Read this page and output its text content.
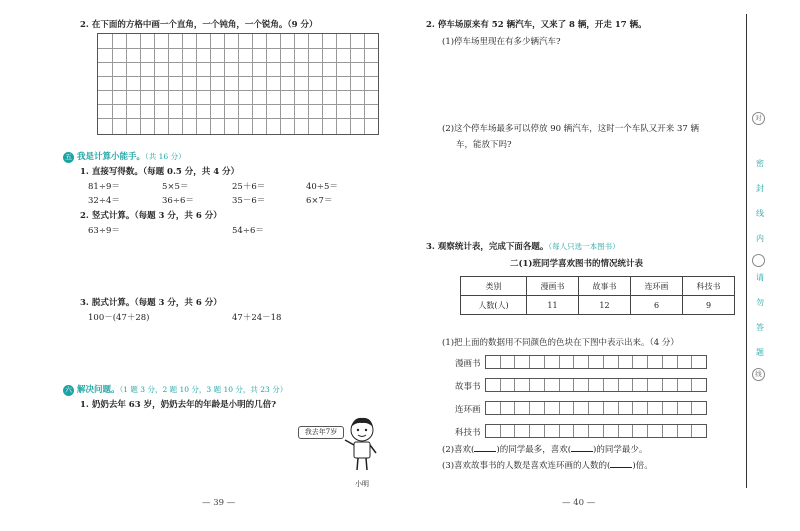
2. 在下面的方格中画一个直角，一个钝角，一个锐角。（9 分）
五 我是计算小能手。（共 16 分）
1. 直接写得数。（每题 0.5 分，共 4 分）
81÷9＝	5×5＝	25＋6＝	40÷5＝
32÷4＝	36÷6＝	35－6＝	6×7＝
2. 竖式计算。（每题 3 分，共 6 分）
63÷9＝	54÷6＝
3. 脱式计算。（每题 3 分，共 6 分）
100－(47＋28)	47＋24－18
六 解决问题。（1 题 3 分，2 题 10 分，3 题 10 分，共 23 分）
1. 奶奶去年 63 岁，奶奶去年的年龄是小明的几倍?
我去年7岁
小明
— 39 —
2. 停车场原来有 52 辆汽车，又来了 8 辆，开走 17 辆。
(1)停车场里现在有多少辆汽车?
(2)这个停车场最多可以停放 90 辆汽车，这时一个车队又开来 37 辆
车，能放下吗?
3. 观察统计表，完成下面各题。（每人只选一本图书）
二(1)班同学喜欢图书的情况统计表
类别	漫画书	故事书	连环画	科技书
人数(人)	11	12	6	9
(1)把上面的数据用不同颜色的色块在下图中表示出来。（4 分）
漫画书
故事书
连环画
科技书
(2)喜欢(	)的同学最多，喜欢(	)的同学最少。
(3)喜欢故事书的人数是喜欢连环画的人数的(	)倍。
— 40 —
对
密
封
线
内
请
勿
答
题
线
